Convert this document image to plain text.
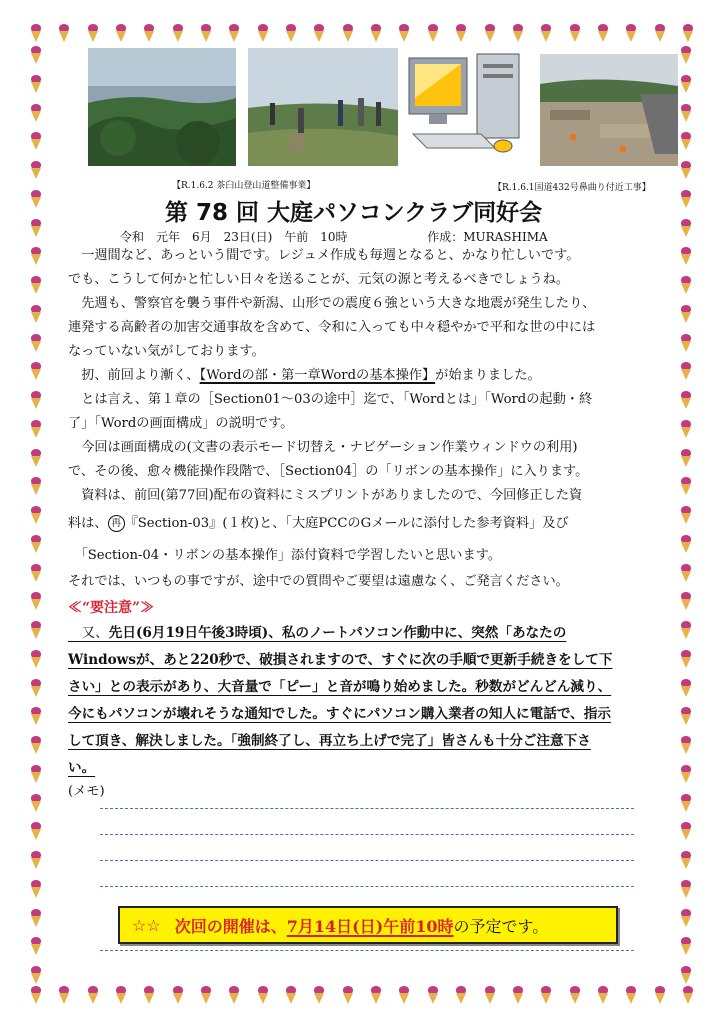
【R.1.6.2 茶臼山登山道整備事業】	【R.1.6.1国道432号鼻曲り付近工事】
第 78 回 大庭パソコンクラブ同好会
令和　元年　6月　23日(日)　午前　10時	作成：MURASHIMA

　一週間など、あっという間です。レジュメ作成も毎週となると、かなり忙しいです。

でも、こうして何かと忙しい日々を送ることが、元気の源と考えるべきでしょうね。

　先週も、警察官を襲う事件や新潟、山形での震度６強という大きな地震が発生したり、

連発する高齢者の加害交通事故を含めて、令和に入っても中々穏やかで平和な世の中には

なっていない気がしております。

　扨、前回より漸く、【Wordの部・第一章Wordの基本操作】が始まりました。

　とは言え、第１章の［Section01～03の途中］迄で、「Wordとは」「Wordの起動・終

了」「Wordの画面構成」の説明です。

　今回は画面構成の(文書の表示モード切替え・ナビゲーション作業ウィンドウの利用)

で、その後、愈々機能操作段階で、［Section04］の「リボンの基本操作」に入ります。

　資料は、前回(第77回)配布の資料にミスプリントがありましたので、今回修正した資

料は、 再 『Section-03』(１枚)と、「大庭PCCのGメールに添付した参考資料」及び

　「Section-04・リボンの基本操作」添付資料で学習したいと思います。

それでは、いつもの事ですが、途中での質問やご要望は遠慮なく、ご発言ください。

≪“要注意”≫

　又、先日(6月19日午後3時頃)、私のノートパソコン作動中に、突然「あなたの

Windowsが、あと220秒で、破損されますので、すぐに次の手順で更新手続きをして下

さい」との表示があり、大音量で「ピー」と音が鳴り始めました。秒数がどんどん減り、

今にもパソコンが壊れそうな通知でした。すぐにパソコン購入業者の知人に電話で、指示

して頂き、解決しました。「強制終了し、再立ち上げで完了」皆さんも十分ご注意下さ

い。

(メモ)

☆☆ 次回の開催は、 7月14日(日)午前10時 の予定です。
